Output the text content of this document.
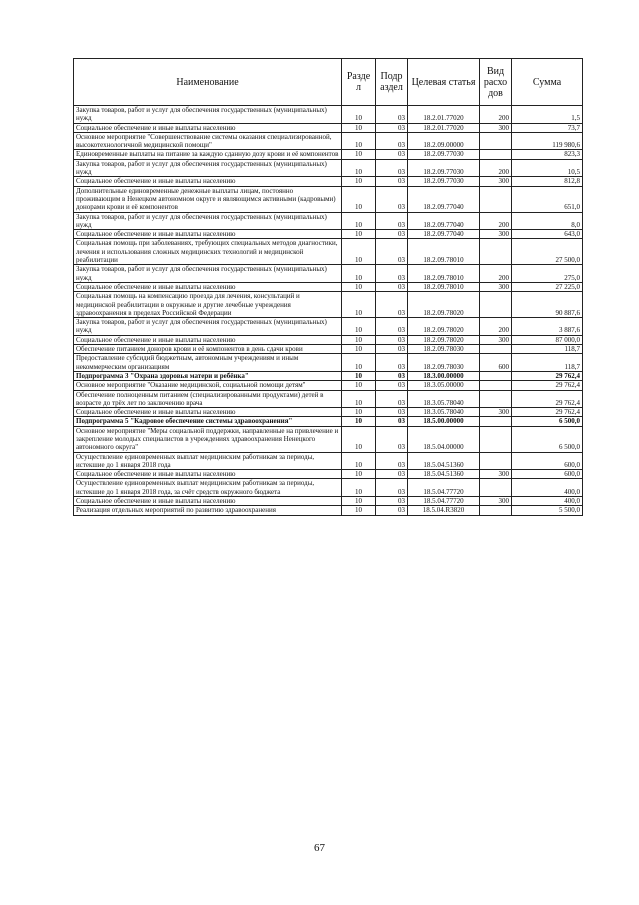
Наименование	Разде л	Подр аздел	Целевая статья	Вид расхо дов	Сумма
Закупка товаров, работ и услуг для обеспечения государственных (муниципальных) нужд	10	03	18.2.01.77020	200	1,5
Социальное обеспечение и иные выплаты населению	10	03	18.2.01.77020	300	73,7
Основное мероприятие "Совершенствование системы оказания специализированной, высокотехнологичной медицинской помощи"	10	03	18.2.09.00000		119 980,6
Единовременные выплаты на питание за каждую сданную дозу крови и её компонентов	10	03	18.2.09.77030		823,3
Закупка товаров, работ и услуг для обеспечения государственных (муниципальных) нужд	10	03	18.2.09.77030	200	10,5
Социальное обеспечение и иные выплаты населению	10	03	18.2.09.77030	300	812,8
Дополнительные единовременные денежные выплаты лицам, постоянно проживающим в Ненецком автономном округе и являющимся активными (кадровыми) донорами крови и её компонентов	10	03	18.2.09.77040		651,0
Закупка товаров, работ и услуг для обеспечения государственных (муниципальных) нужд	10	03	18.2.09.77040	200	8,0
Социальное обеспечение и иные выплаты населению	10	03	18.2.09.77040	300	643,0
Социальная помощь при заболеваниях, требующих специальных методов диагностики, лечения и использования сложных медицинских технологий и медицинской реабилитации	10	03	18.2.09.78010		27 500,0
Закупка товаров, работ и услуг для обеспечения государственных (муниципальных) нужд	10	03	18.2.09.78010	200	275,0
Социальное обеспечение и иные выплаты населению	10	03	18.2.09.78010	300	27 225,0
Социальная помощь на компенсацию проезда для лечения, консультаций и медицинской реабилитации в окружные и другие лечебные учреждения здравоохранения в пределах Российской Федерации	10	03	18.2.09.78020		90 887,6
Закупка товаров, работ и услуг для обеспечения государственных (муниципальных) нужд	10	03	18.2.09.78020	200	3 887,6
Социальное обеспечение и иные выплаты населению	10	03	18.2.09.78020	300	87 000,0
Обеспечение питанием доноров крови и её компонентов в день сдачи крови	10	03	18.2.09.78030		118,7
Предоставление субсидий бюджетным, автономным учреждениям и иным некоммерческим организациям	10	03	18.2.09.78030	600	118,7
Подпрограмма 3 "Охрана здоровья матери и ребёнка"	10	03	18.3.00.00000		29 762,4
Основное мероприятие "Оказание медицинской, социальной помощи детям"	10	03	18.3.05.00000		29 762,4
Обеспечение полноценным питанием (специализированными продуктами) детей в возрасте до трёх лет по заключению врача	10	03	18.3.05.78040		29 762,4
Социальное обеспечение и иные выплаты населению	10	03	18.3.05.78040	300	29 762,4
Подпрограмма 5 "Кадровое обеспечение системы здравоохранения"	10	03	18.5.00.00000		6 500,0
Основное мероприятие "Меры социальной поддержки, направленные на привлечение и закрепление молодых специалистов в учреждениях здравоохранения Ненецкого автономного округа"	10	03	18.5.04.00000		6 500,0
Осуществление единовременных выплат медицинским работникам за периоды, истекшие до 1 января 2018 года	10	03	18.5.04.51360		600,0
Социальное обеспечение и иные выплаты населению	10	03	18.5.04.51360	300	600,0
Осуществление единовременных выплат медицинским работникам за периоды, истекшие до 1 января 2018 года, за счёт средств окружного бюджета	10	03	18.5.04.77720		400,0
Социальное обеспечение и иные выплаты населению	10	03	18.5.04.77720	300	400,0
Реализация отдельных мероприятий по развитию здравоохранения	10	03	18.5.04.R3820		5 500,0
67
